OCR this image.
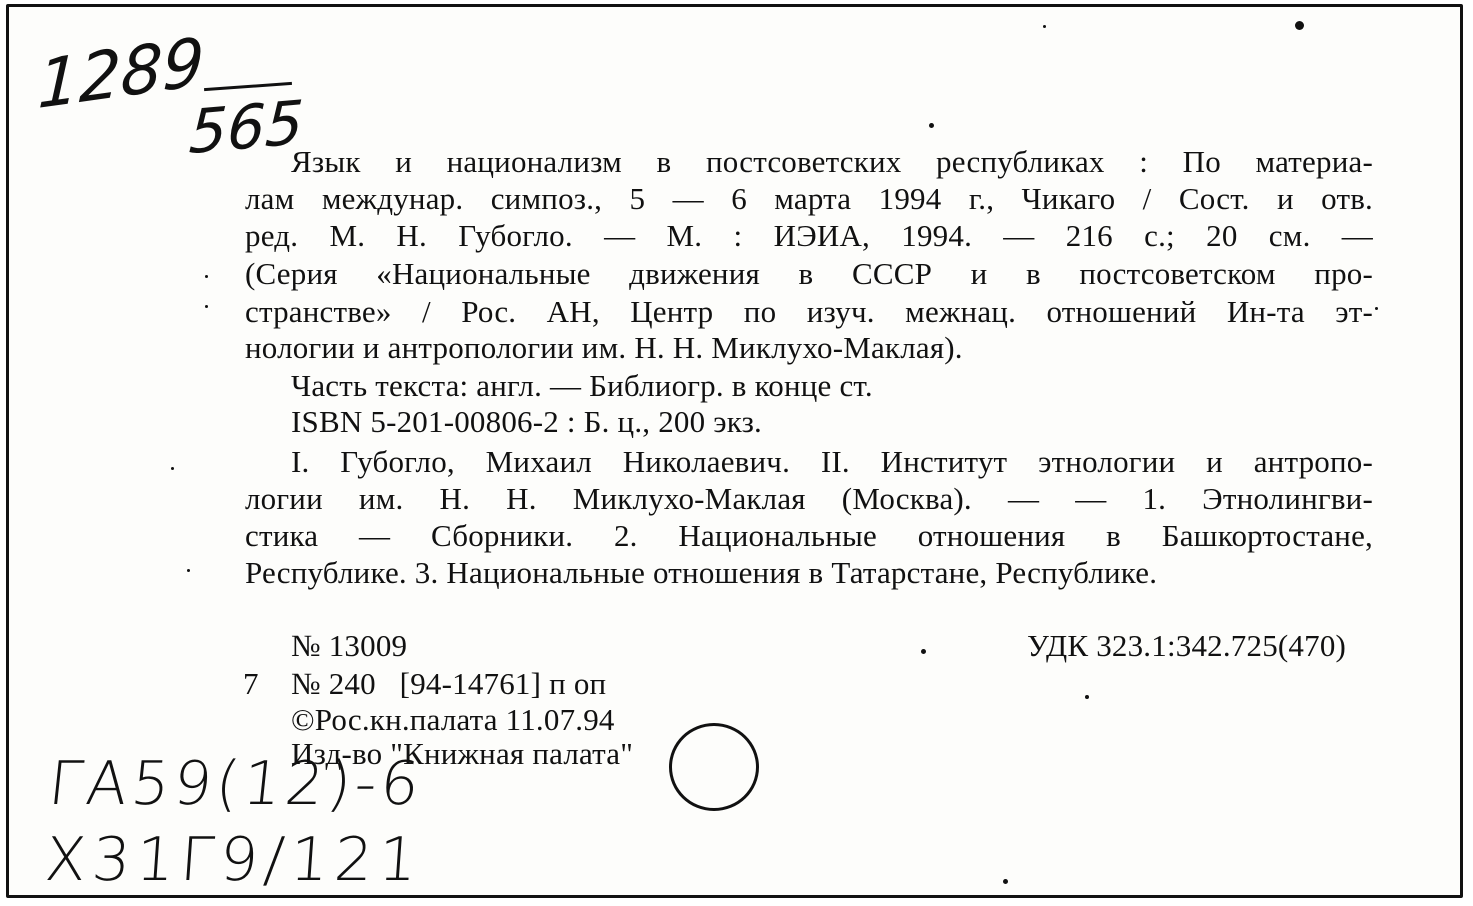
1289
565
Язык и национализм в постсоветских республиках : По материа-
лам междунар. симпоз., 5 — 6 марта 1994 г., Чикаго / Сост. и отв.
ред. М. Н. Губогло. — М. : ИЭИА, 1994. — 216 с.; 20 см. —
(Серия «Национальные движения в СССР и в постсоветском про-
странстве» / Рос. АН, Центр по изуч. межнац. отношений Ин-та эт-
нологии и антропологии им. Н. Н. Миклухо-Маклая).
Часть текста: англ. — Библиогр. в конце ст.
ISBN 5-201-00806-2 : Б. ц., 200 экз.
I. Губогло, Михаил Николаевич. II. Институт этнологии и антропо-
логии им. Н. Н. Миклухо-Маклая (Москва). — — 1. Этнолингви-
стика — Сборники. 2. Национальные отношения в Башкортостане,
Республике. 3. Национальные отношения в Татарстане, Республике.
№ 13009	УДК 323.1:342.725(470)
7 № 240   [94-14761] п оп
©Рос.кн.палата 11.07.94
Изд-во "Книжная палата"
ГА59(12)-6
Х31Г9/121
